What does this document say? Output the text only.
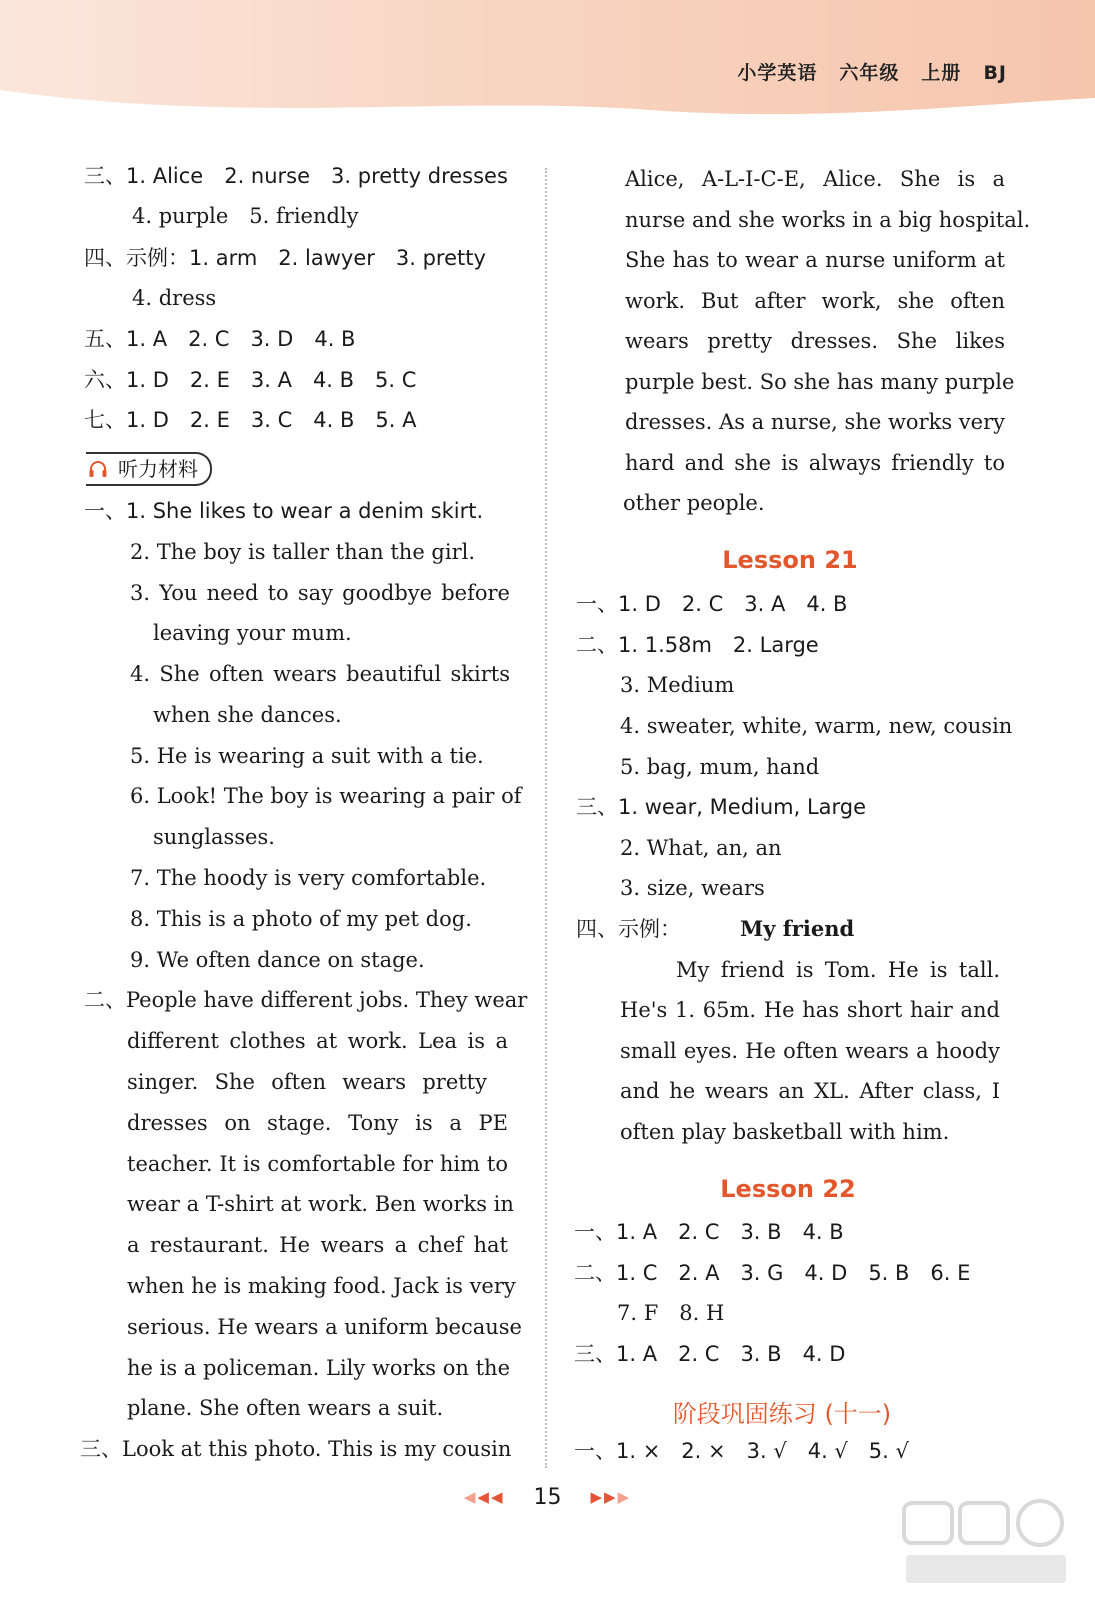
小学英语 六年级 上册 BJ
三、1. Alice　2. nurse　3. pretty dresses
4. purple　5. friendly
四、示例：1. arm　2. lawyer　3. pretty
4. dress
五、1. A　2. C　3. D　4. B
六、1. D　2. E　3. A　4. B　5. C
七、1. D　2. E　3. C　4. B　5. A
听力材料
一、1. She likes to wear a denim skirt.
2. The boy is taller than the girl.
3. You need to say goodbye before
leaving your mum.
4. She often wears beautiful skirts
when she dances.
5. He is wearing a suit with a tie.
6. Look! The boy is wearing a pair of
sunglasses.
7. The hoody is very comfortable.
8. This is a photo of my pet dog.
9. We often dance on stage.
二、People have different jobs. They wear
different clothes at work. Lea is a
singer. She often wears pretty
dresses on stage. Tony is a PE
teacher. It is comfortable for him to
wear a T-shirt at work. Ben works in
a restaurant. He wears a chef hat
when he is making food. Jack is very
serious. He wears a uniform because
he is a policeman. Lily works on the
plane. She often wears a suit.
三、Look at this photo. This is my cousin
Alice, A-L-I-C-E, Alice. She is a
nurse and she works in a big hospital.
She has to wear a nurse uniform at
work. But after work, she often
wears pretty dresses. She likes
purple best. So she has many purple
dresses. As a nurse, she works very
hard and she is always friendly to
other people.
Lesson 21
一、1. D　2. C　3. A　4. B
二、1. 1.58m　2. Large
3. Medium
4. sweater, white, warm, new, cousin
5. bag, mum, hand
三、1. wear, Medium, Large
2. What, an, an
3. size, wears
四、示例：	My friend
My friend is Tom. He is tall.
He's 1. 65m. He has short hair and
small eyes. He often wears a hoody
and he wears an XL. After class, I
often play basketball with him.
Lesson 22
一、1. A　2. C　3. B　4. B
二、1. C　2. A　3. G　4. D　5. B　6. E
7. F　8. H
三、1. A　2. C　3. B　4. D
阶段巩固练习 (十一)
一、1. ×　2. ×　3. √　4. √　5. √
◀◀◀ 15 ▶▶▶
